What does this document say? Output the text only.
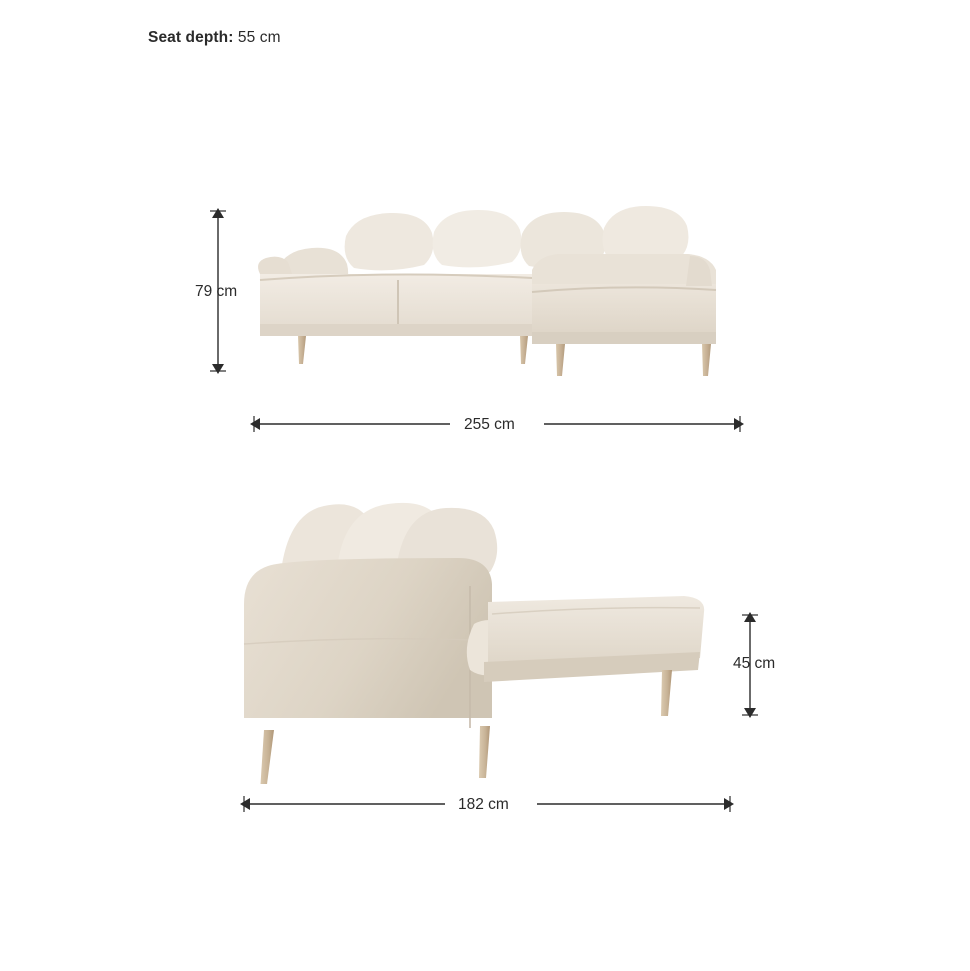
Seat depth: 55 cm
79 cm
255 cm
45 cm
182 cm
